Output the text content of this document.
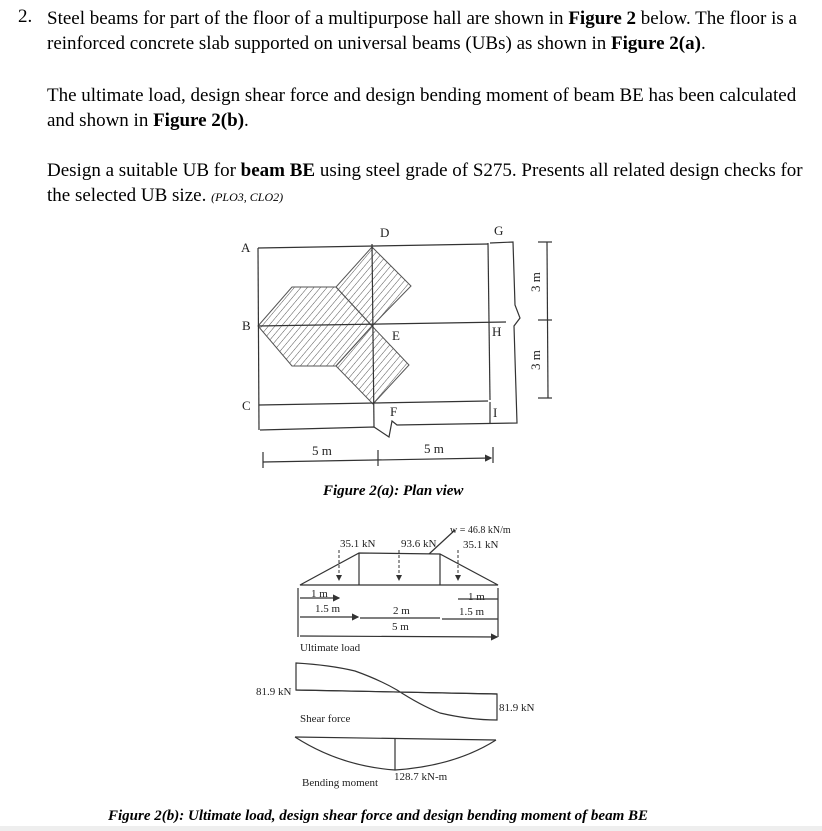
2. Steel beams for part of the floor of a multipurpose hall are shown in Figure 2 below. The floor is a reinforced concrete slab supported on universal beams (UBs) as shown in Figure 2(a).
The ultimate load, design shear force and design bending moment of beam BE has been calculated and shown in Figure 2(b).
Design a suitable UB for beam BE using steel grade of S275. Presents all related design checks for the selected UB size. (PLO3, CLO2)
A
B
C
D
E
F
G
H
I
5 m	5 m
3 m
3 m
Figure 2(a): Plan view
35.1 kN 93.6 kN
w = 46.8 kN/m
35.1 kN
1 m	1 m
1.5 m	2 m	1.5 m
5 m
Ultimate load
81.9 kN
81.9 kN
Shear force
128.7 kN-m
Bending moment
Figure 2(b): Ultimate load, design shear force and design bending moment of beam BE
